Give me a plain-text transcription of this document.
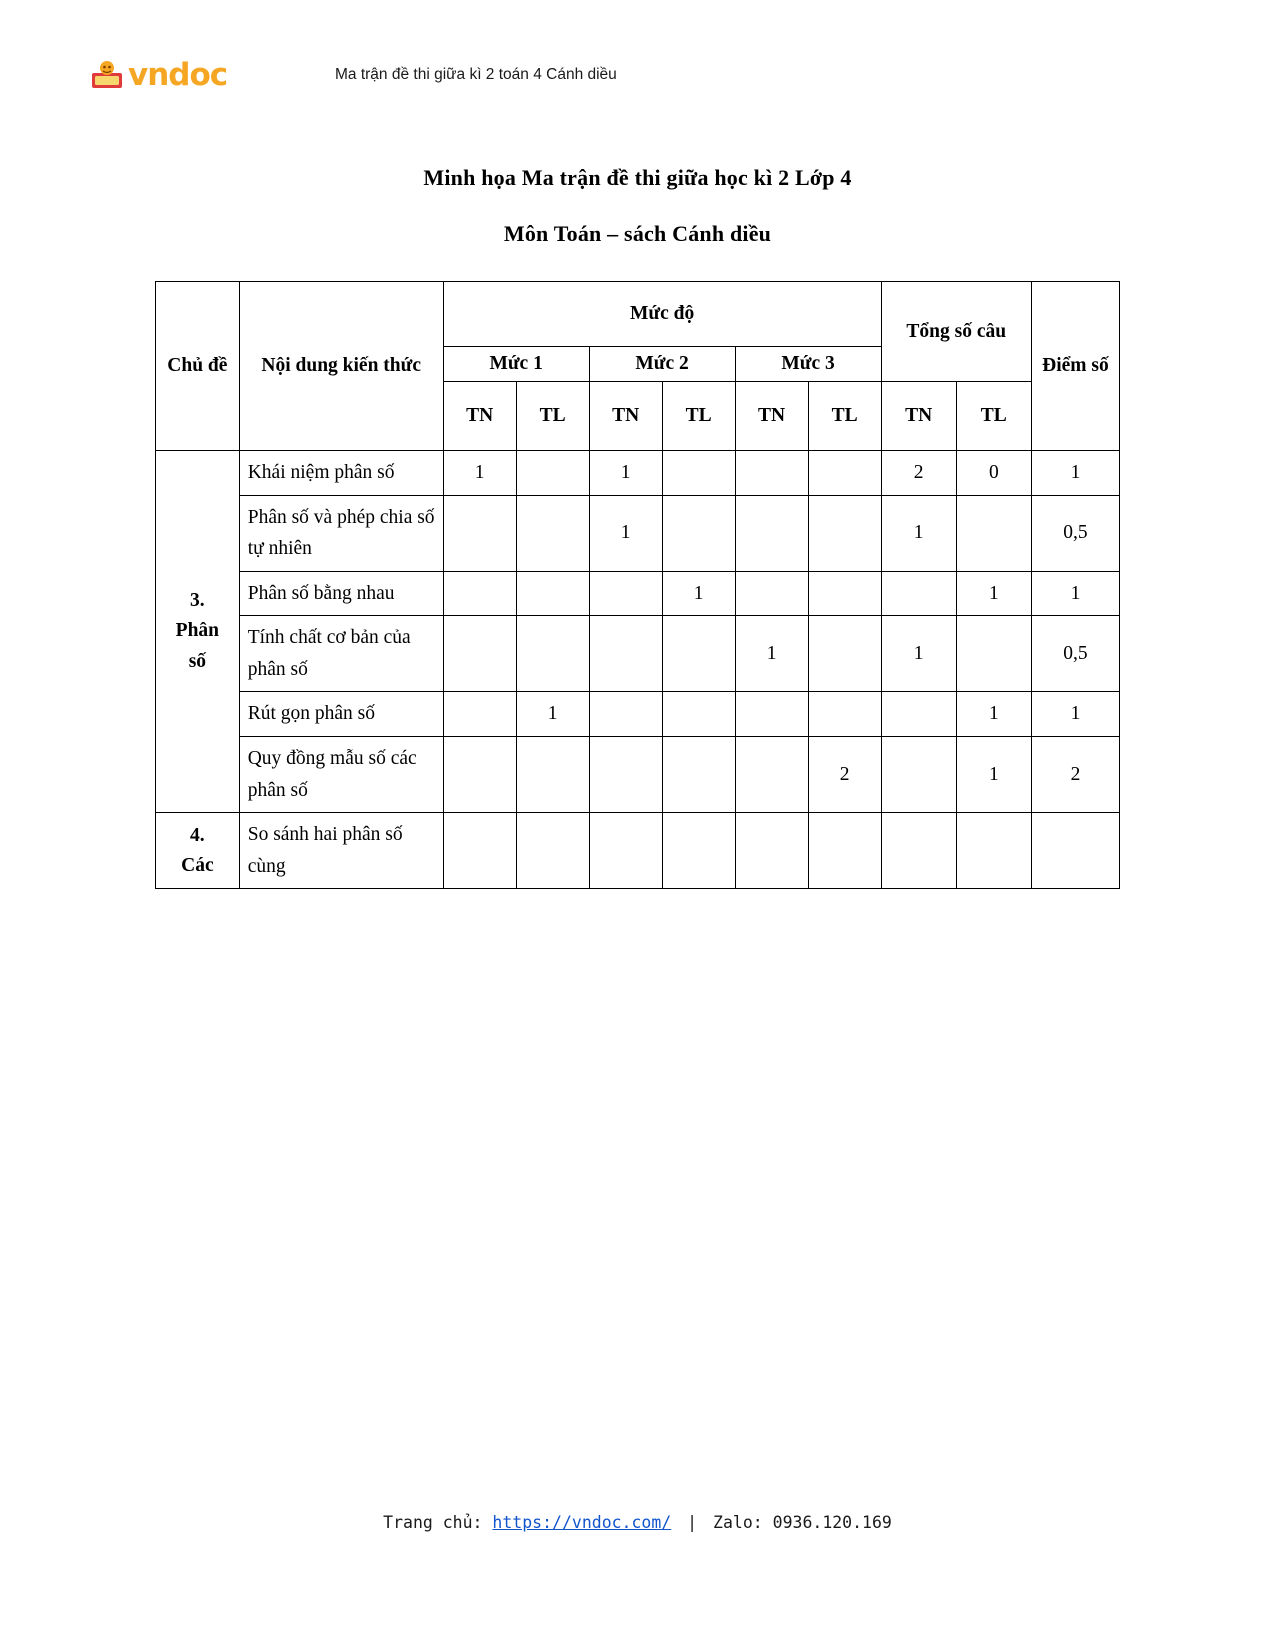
vndoc	Ma trận đề thi giữa kì 2 toán 4 Cánh diều
Minh họa Ma trận đề thi giữa học kì 2 Lớp 4
Môn Toán – sách Cánh diều
Chủ đề	Nội dung kiến thức	Mức độ						Tổng số câu		Điểm số
		Mức 1		Mức 2		Mức 3				
		TN	TL	TN	TL	TN	TL	TN	TL	
3.
Phân
số	Khái niệm phân số	1		1				2	0	1
	Phân số và phép chia số tự nhiên			1				1		0,5
	Phân số bằng nhau				1				1	1
	Tính chất cơ bản của phân số					1		1		0,5
	Rút gọn phân số		1						1	1
	Quy đồng mẫu số các phân số						2		1	2
4.
Các	So sánh hai phân số cùng									
Trang chủ: https://vndoc.com/ | Zalo: 0936.120.169
